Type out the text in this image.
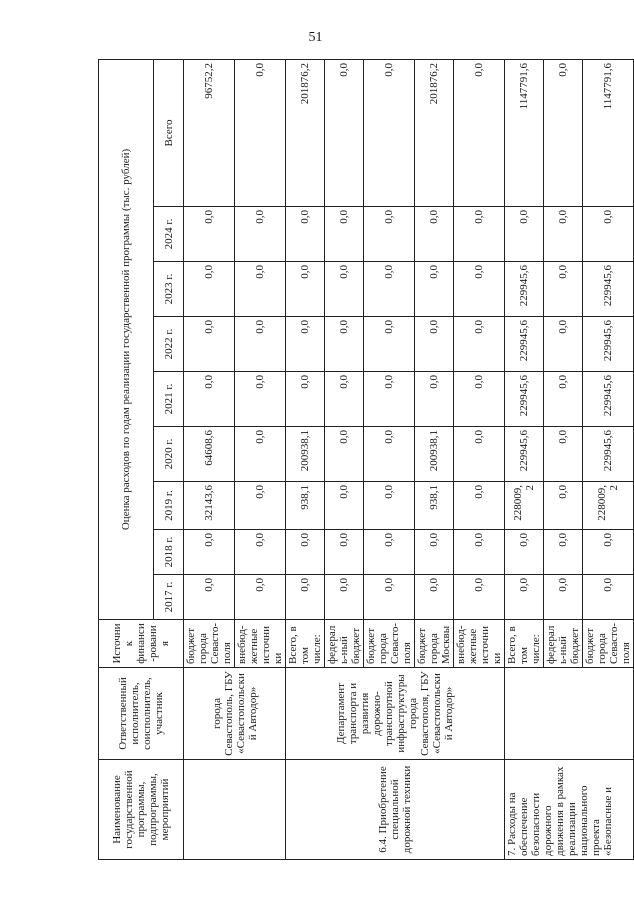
51
Наименование государственной программы, подпрограммы, мероприятий	Ответственный исполнитель, соисполнитель, участник	Источник финанси-рования	Оценка расходов по годам реализации государственной программы (тыс. рублей)								
			2017 г.	2018 г.	2019 г.	2020 г.	2021 г.	2022 г.	2023 г.	2024 г.	Всего
	города Севастополь, ГБУ «Севастопольский Автодор»	бюджет города Севасто-поля	0,0	0,0	32143,6	64608,6	0,0	0,0	0,0	0,0	96752,2
		внебюд-жетные источники	0,0	0,0	0,0	0,0	0,0	0,0	0,0	0,0	0,0
6.4. Приобретение специальной дорожной техники	Департамент транспорта и развития дорожно-транспортной инфраструктуры города Севастополя, ГБУ «Севастопольский Автодор»	Всего, в том числе:	0,0	0,0	938,1	200938,1	0,0	0,0	0,0	0,0	201876,2
		федераль-ный бюджет	0,0	0,0	0,0	0,0	0,0	0,0	0,0	0,0	0,0
		бюджет города Севасто-поля	0,0	0,0	0,0	0,0	0,0	0,0	0,0	0,0	0,0
		бюджет города Москвы	0,0	0,0	938,1	200938,1	0,0	0,0	0,0	0,0	201876,2
		внебюд-жетные источники	0,0	0,0	0,0	0,0	0,0	0,0	0,0	0,0	0,0
7. Расходы на обеспечение безопасности дорожного движения в рамках реализации национального проекта «Безопасные и		Всего, в том числе:	0,0	0,0	228009,2	229945,6	229945,6	229945,6	229945,6	0,0	1147791,6
		федераль-ный бюджет	0,0	0,0	0,0	0,0	0,0	0,0	0,0	0,0	0,0
		бюджет города Севасто-поля	0,0	0,0	228009,2	229945,6	229945,6	229945,6	229945,6	0,0	1147791,6
